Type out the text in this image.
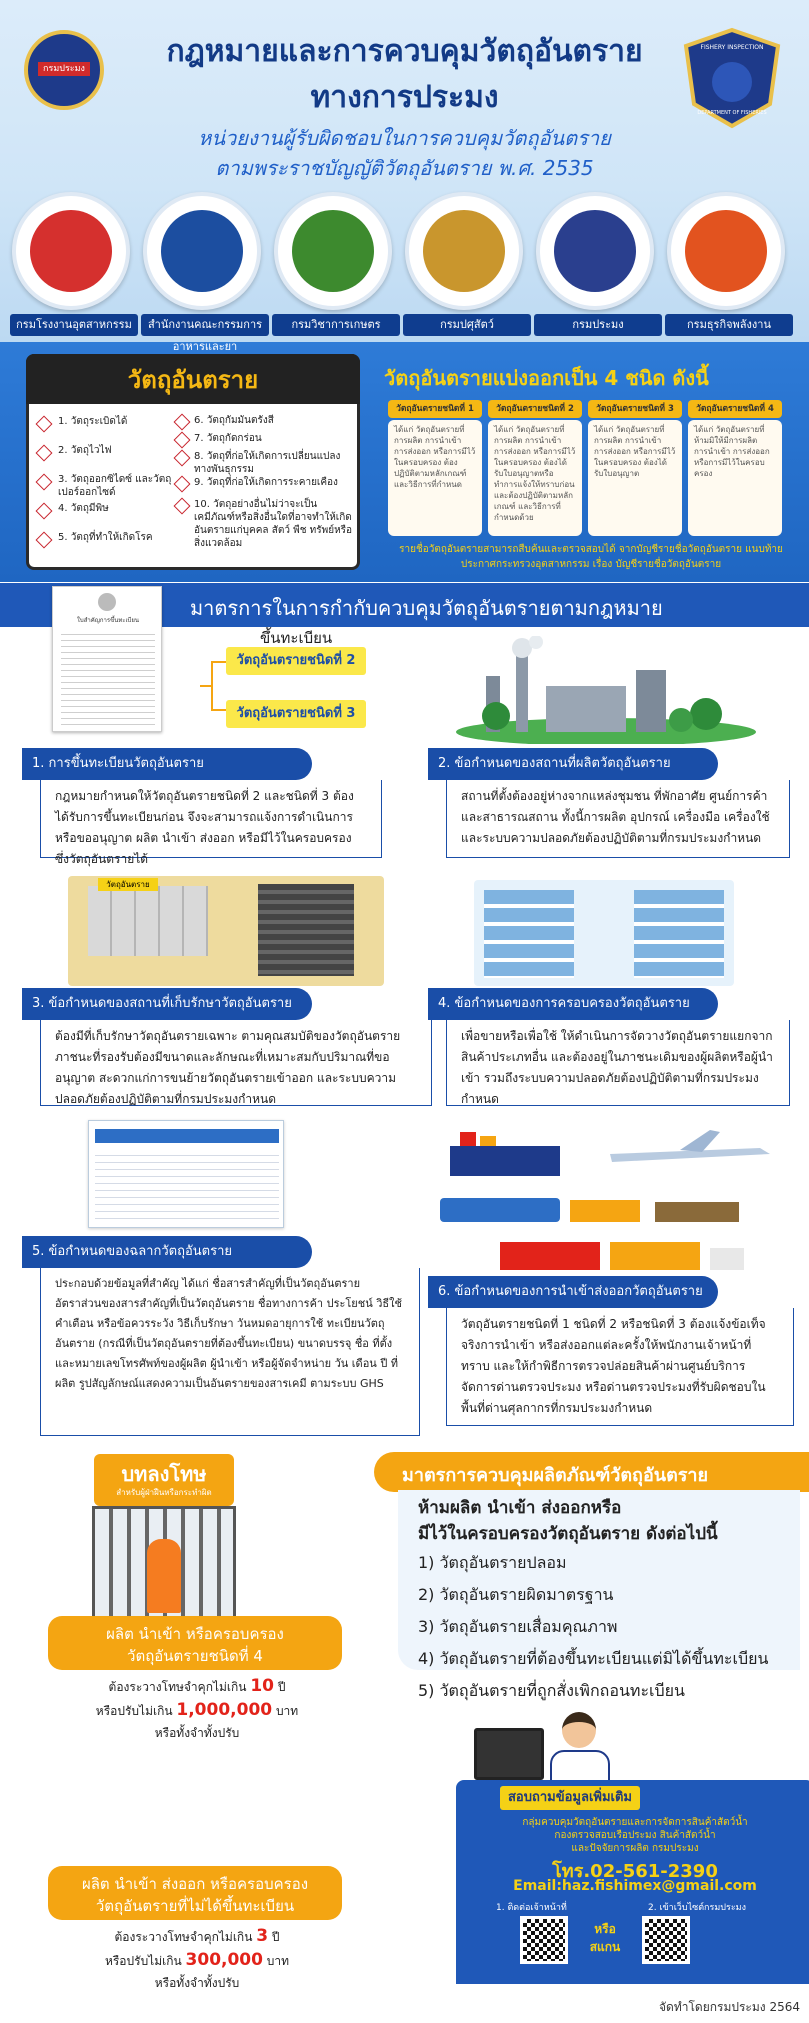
กรมประมง
FISHERY INSPECTION
DEPARTMENT OF FISHERIES
กฎหมายและการควบคุมวัตถุอันตราย
ทางการประมง
หน่วยงานผู้รับผิดชอบในการควบคุมวัตถุอันตราย
ตามพระราชบัญญัติวัตถุอันตราย พ.ศ. 2535
วัตถุอันตราย	วัตถุอันตรายแบ่งออกเป็น 4 ชนิด ดังนี้
รายชื่อวัตถุอันตรายสามารถสืบค้นและตรวจสอบได้ จากบัญชีรายชื่อวัตถุอันตราย แนบท้ายประกาศกระทรวงอุตสาหกรรม เรื่อง บัญชีรายชื่อวัตถุอันตราย
มาตรการในการกำกับควบคุมวัตถุอันตรายตามกฎหมาย
ใบสำคัญการขึ้นทะเบียน
ขึ้นทะเบียน
วัตถุอันตรายชนิดที่ 2
วัตถุอันตรายชนิดที่ 3
วัตถุอันตราย
บทลงโทษ
สำหรับผู้ฝ่าฝืนหรือกระทำผิด
มาตรการควบคุมผลิตภัณฑ์วัตถุอันตราย
ห้ามผลิต นำเข้า ส่งออกหรือ
มีไว้ในครอบครองวัตถุอันตราย ดังต่อไปนี้
สอบถามข้อมูลเพิ่มเติม
กลุ่มควบคุมวัตถุอันตรายและการจัดการสินค้าสัตว์น้ำ
กองตรวจสอบเรือประมง สินค้าสัตว์น้ำ
และปัจจัยการผลิต กรมประมง
โทร.02-561-2390
Email:haz.fishimex@gmail.com
1. ติดต่อเจ้าหน้าที่	2. เข้าเว็บไซต์กรมประมง
หรือ
สแกน
จัดทำโดยกรมประมง 2564
กรมโรงงานอุตสาหกรรม	สำนักงานคณะกรรมการอาหารและยา
กรมวิชาการเกษตร	กรมปศุสัตว์	กรมประมง	กรมธุรกิจพลังงาน
1. วัตถุระเบิดได้
2. วัตถุไวไฟ
3. วัตถุออกซิไดซ์ และวัตถุเปอร์ออกไซด์
4. วัตถุมีพิษ
5. วัตถุที่ทำให้เกิดโรค
6. วัตถุกัมมันตรังสี
7. วัตถุกัดกร่อน
8. วัตถุที่ก่อให้เกิดการเปลี่ยนแปลงทางพันธุกรรม
9. วัตถุที่ก่อให้เกิดการระคายเคือง
10. วัตถุอย่างอื่นไม่ว่าจะเป็นเคมีภัณฑ์หรือสิ่งอื่นใดที่อาจทำให้เกิดอันตรายแก่บุคคล สัตว์ พืช ทรัพย์หรือสิ่งแวดล้อม
วัตถุอันตรายชนิดที่ 1
ได้แก่ วัตถุอันตรายที่การผลิต การนำเข้า การส่งออก หรือการมีไว้ในครอบครอง ต้องปฏิบัติตามหลักเกณฑ์และวิธีการที่กำหนด
วัตถุอันตรายชนิดที่ 2
ได้แก่ วัตถุอันตรายที่การผลิต การนำเข้า การส่งออก หรือการมีไว้ในครอบครอง ต้องได้รับใบอนุญาตหรือทำการแจ้งให้ทราบก่อน และต้องปฏิบัติตามหลักเกณฑ์ และวิธีการที่กำหนดด้วย
วัตถุอันตรายชนิดที่ 3
ได้แก่ วัตถุอันตรายที่การผลิต การนำเข้า การส่งออก หรือการมีไว้ในครอบครอง ต้องได้รับใบอนุญาต
วัตถุอันตรายชนิดที่ 4
ได้แก่ วัตถุอันตรายที่ห้ามมิให้มีการผลิต การนำเข้า การส่งออก หรือการมีไว้ในครอบครอง
1. การขึ้นทะเบียนวัตถุอันตราย
กฎหมายกำหนดให้วัตถุอันตรายชนิดที่ 2 และชนิดที่ 3 ต้องได้รับการขึ้นทะเบียนก่อน จึงจะสามารถแจ้งการดำเนินการ หรือขออนุญาต ผลิต นำเข้า ส่งออก หรือมีไว้ในครอบครอง ซึ่งวัตถุอันตรายได้
2. ข้อกำหนดของสถานที่ผลิตวัตถุอันตราย
สถานที่ตั้งต้องอยู่ห่างจากแหล่งชุมชน ที่พักอาศัย ศูนย์การค้า และสาธารณสถาน ทั้งนี้การผลิต อุปกรณ์ เครื่องมือ เครื่องใช้ และระบบความปลอดภัยต้องปฏิบัติตามที่กรมประมงกำหนด
3. ข้อกำหนดของสถานที่เก็บรักษาวัตถุอันตราย
ต้องมีที่เก็บรักษาวัตถุอันตรายเฉพาะ ตามคุณสมบัติของวัตถุอันตราย ภาชนะที่รองรับต้องมีขนาดและลักษณะที่เหมาะสมกับปริมาณที่ขออนุญาต สะดวกแก่การขนย้ายวัตถุอันตรายเข้าออก และระบบความปลอดภัยต้องปฏิบัติตามที่กรมประมงกำหนด
4. ข้อกำหนดของการครอบครองวัตถุอันตราย
เพื่อขายหรือเพื่อใช้ ให้ดำเนินการจัดวางวัตถุอันตรายแยกจากสินค้าประเภทอื่น และต้องอยู่ในภาชนะเดิมของผู้ผลิตหรือผู้นำเข้า รวมถึงระบบความปลอดภัยต้องปฏิบัติตามที่กรมประมงกำหนด
5. ข้อกำหนดของฉลากวัตถุอันตราย
ประกอบด้วยข้อมูลที่สำคัญ ได้แก่ ชื่อสารสำคัญที่เป็นวัตถุอันตราย อัตราส่วนของสารสำคัญที่เป็นวัตถุอันตราย ชื่อทางการค้า ประโยชน์ วิธีใช้ คำเตือน หรือข้อควรระวัง วิธีเก็บรักษา วันหมดอายุการใช้ ทะเบียนวัตถุอันตราย (กรณีที่เป็นวัตถุอันตรายที่ต้องขึ้นทะเบียน) ขนาดบรรจุ ชื่อ ที่ตั้ง และหมายเลขโทรศัพท์ของผู้ผลิต ผู้นำเข้า หรือผู้จัดจำหน่าย วัน เดือน ปี ที่ผลิต รูปสัญลักษณ์แสดงความเป็นอันตรายของสารเคมี ตามระบบ GHS
6. ข้อกำหนดของการนำเข้าส่งออกวัตถุอันตราย
วัตถุอันตรายชนิดที่ 1 ชนิดที่ 2 หรือชนิดที่ 3 ต้องแจ้งข้อเท็จจริงการนำเข้า หรือส่งออกแต่ละครั้งให้พนักงานเจ้าหน้าที่ทราบ และให้กำพิธีการตรวจปล่อยสินค้าผ่านศูนย์บริการจัดการด่านตรวจประมง หรือด่านตรวจประมงที่รับผิดชอบในพื้นที่ด่านศุลกากรที่กรมประมงกำหนด
ผลิต นำเข้า หรือครอบครอง
วัตถุอันตรายชนิดที่ 4
ต้องระวางโทษจำคุกไม่เกิน 10 ปี
หรือปรับไม่เกิน 1,000,000 บาท
หรือทั้งจำทั้งปรับ
ผลิต นำเข้า ส่งออก หรือครอบครอง
วัตถุอันตรายที่ไม่ได้ขึ้นทะเบียน
ต้องระวางโทษจำคุกไม่เกิน 3 ปี
หรือปรับไม่เกิน 300,000 บาท
หรือทั้งจำทั้งปรับ
1) วัตถุอันตรายปลอม
2) วัตถุอันตรายผิดมาตรฐาน
3) วัตถุอันตรายเสื่อมคุณภาพ
4) วัตถุอันตรายที่ต้องขึ้นทะเบียนแต่มิได้ขึ้นทะเบียน
5) วัตถุอันตรายที่ถูกสั่งเพิกถอนทะเบียน
